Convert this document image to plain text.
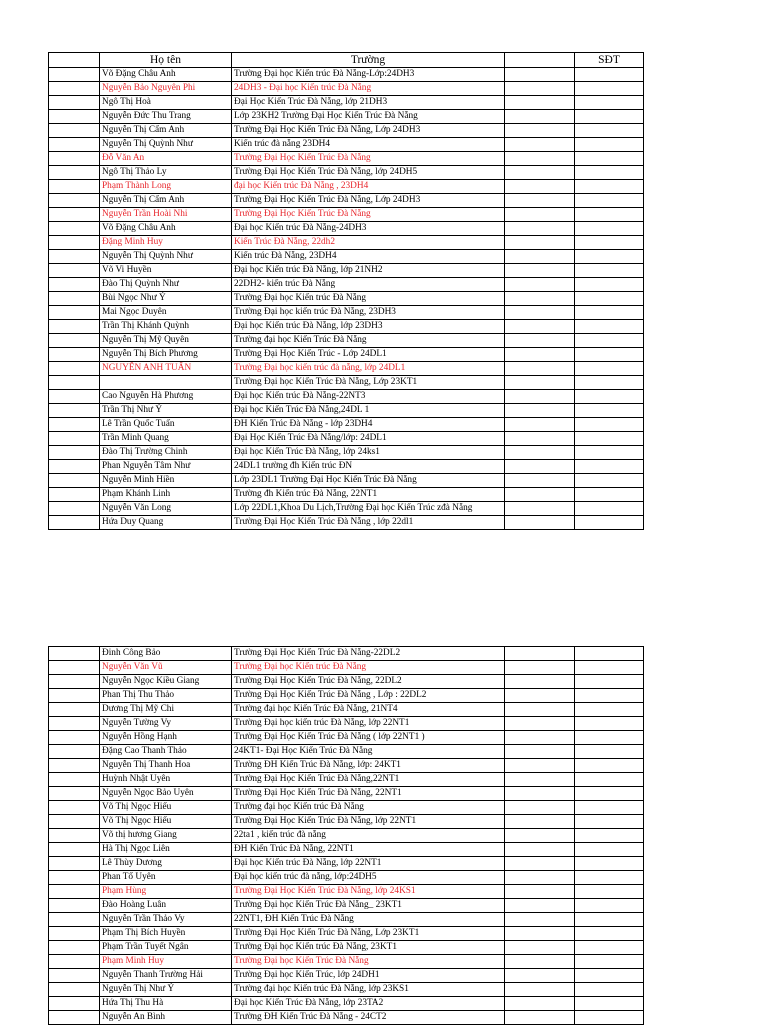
	Họ tên	Trường		SĐT
	Võ Đặng Châu Anh	Trường Đại học Kiến trúc Đà Nẵng-Lớp:24DH3		
	Nguyễn Bảo Nguyên Phi	24DH3 - Đại học Kiến trúc Đà Nẵng		
	Ngô Thị Hoà	Đại Học Kiến Trúc Đà Nẵng, lớp 21DH3		
	Nguyễn Đức Thu Trang	Lớp 23KH2 Trường Đại Học Kiến Trúc Đà Nẵng		
	Nguyễn Thị Cẩm Anh	Trường Đại Học Kiến Trúc Đà Nẵng, Lớp 24DH3		
	Nguyễn Thị Quỳnh Như	Kiến trúc đà nẵng 23DH4		
	Đỗ Văn An	Trường Đại Học Kiến Trúc Đà Nẵng		
	Ngô Thị Thảo Ly	Trường Đại Học Kiến Trúc Đà Nẵng, lớp 24DH5		
	Phạm Thành Long	đại học Kiến trúc Đà Nẵng , 23DH4		
	Nguyễn Thị Cẩm Anh	Trường Đại Học Kiến Trúc Đà Nẵng, Lớp 24DH3		
	Nguyễn Trần Hoài Nhi	Trường Đại Học Kiến Trúc Đà Nẵng		
	Võ Đặng Châu Anh	Đại học Kiến trúc Đà Nẵng-24DH3		
	Đặng Minh Huy	Kiến Trúc Đà Nẵng, 22dh2		
	Nguyễn Thị Quỳnh Như	Kiến trúc Đà Nẵng, 23DH4		
	Võ Vi Huyền	Đại học Kiến trúc Đà Nẵng, lớp 21NH2		
	Đào Thị Quỳnh Như	22DH2- kiến trúc Đà Nẵng		
	Bùi Ngọc Như Ý	Trường Đại học Kiến trúc Đà Nẵng		
	Mai Ngọc Duyên	Trường Đại học kiến trúc Đà Nẵng, 23DH3		
	Trần Thị Khánh Quỳnh	Đại học Kiến trúc Đà Nẵng, lớp 23DH3		
	Nguyễn Thị Mỹ Quyên	Trường đại học Kiến Trúc Đà Nẵng		
	Nguyễn Thị Bích Phương	Trường Đại Học Kiến Trúc - Lớp 24DL1		
	NGUYỄN ANH TUẤN	Trường Đại học kiến trúc đà nẵng, lớp 24DL1		
		Trường Đại học Kiến Trúc Đà Nẵng, Lớp 23KT1		
	Cao Nguyễn Hà Phương	Đại học Kiến trúc Đà Nẵng-22NT3		
	Trần Thị Như Ý	Đại học Kiến Trúc Đà Nẵng,24DL 1		
	Lê Trần Quốc Tuấn	ĐH Kiến Trúc Đà Nẵng - lớp 23DH4		
	Trần Minh Quang	Đại Học Kiến Trúc Đà Nẵng/lớp: 24DL1		
	Đào Thị Trường Chinh	Đại học Kiến Trúc Đà Nẵng, lớp 24ks1		
	Phan Nguyễn Tâm Như	24DL1 trường đh Kiến trúc ĐN		
	Nguyễn Minh Hiền	Lớp 23DL1 Trường Đại Học Kiến Trúc Đà Nẵng		
	Phạm Khánh Linh	Trường đh Kiến trúc Đà Nẵng, 22NT1		
	Nguyễn Văn Long	Lớp 22DL1,Khoa Du Lịch,Trường Đại học Kiến Trúc zđà Nẵng		
	Hứa Duy Quang	Trường Đại Học Kiến Trúc Đà Nẵng , lớp 22dl1		
	Đinh Công Bảo	Trường Đại Học Kiến Trúc Đà Nẵng-22DL2		
	Nguyễn Văn Vũ	Trường Đại học Kiến trúc Đà Nẵng		
	Nguyễn Ngọc Kiều Giang	Trường Đại Học Kiến Trúc Đà Nẵng, 22DL2		
	Phan Thị Thu Thảo	Trường Đại Học Kiến Trúc Đà Nẵng , Lớp : 22DL2		
	Dương Thị Mỹ Chi	Trường đại học Kiến Trúc Đà Nẵng, 21NT4		
	Nguyễn Tường Vy	Trường Đại học kiến trúc Đà Nẵng, lớp 22NT1		
	Nguyễn Hồng Hạnh	Trường Đại Học Kiến Trúc Đà Nẵng ( lớp 22NT1 )		
	Đặng Cao Thanh Thảo	24KT1- Đại Học Kiến Trúc Đà Nẵng		
	Nguyễn Thị Thanh Hoa	Trường ĐH Kiến Trúc Đà Nẵng, lớp: 24KT1		
	Huỳnh Nhật Uyên	Trường Đại Học Kiến Trúc Đà Nẵng,22NT1		
	Nguyễn Ngọc Bảo Uyên	Trường Đại Học Kiến Trúc Đà Nẵng, 22NT1		
	Võ Thị Ngọc Hiếu	Trường đại học Kiến trúc Đà Nẵng		
	Võ Thị Ngọc Hiếu	Trường Đại Học Kiến Trúc Đà Nẵng, lớp 22NT1		
	Võ thị hương Giang	22ta1 , kiến trúc đà nẵng		
	Hà Thị Ngọc Liên	ĐH Kiến Trúc Đà Nẵng, 22NT1		
	Lê Thùy Dương	Đại học Kiến trúc Đà Nẵng, lớp 22NT1		
	Phan Tố Uyên	Đại học kiến trúc đà nẵng, lớp:24DH5		
	Phạm Hùng	Trường Đại Học Kiến Trúc Đà Nẵng, lớp 24KS1		
	Đào Hoàng Luân	Trường Đại học Kiến Trúc Đà Nẵng_ 23KT1		
	Nguyễn Trần Thảo Vy	22NT1, ĐH Kiến Trúc Đà Nẵng		
	Phạm Thị Bích Huyền	Trường Đại Học Kiến Trúc Đà Nẵng, Lớp 23KT1		
	Phạm Trần Tuyết Ngân	Trường Đại học Kiến trúc Đà Nẵng, 23KT1		
	Phạm Minh Huy	Trường Đại học Kiến Trúc Đà Nẵng		
	Nguyễn Thanh Trường Hải	Trường Đại học Kiến Trúc, lớp 24DH1		
	Nguyễn Thị Như Ý	Trường đại học Kiến trúc Đà Nẵng, lớp 23KS1		
	Hứa Thị Thu Hà	Đại học Kiến Trúc Đà Nẵng, lớp 23TA2		
	Nguyễn An Bình	Trường ĐH Kiến Trúc Đà Nẵng - 24CT2		
